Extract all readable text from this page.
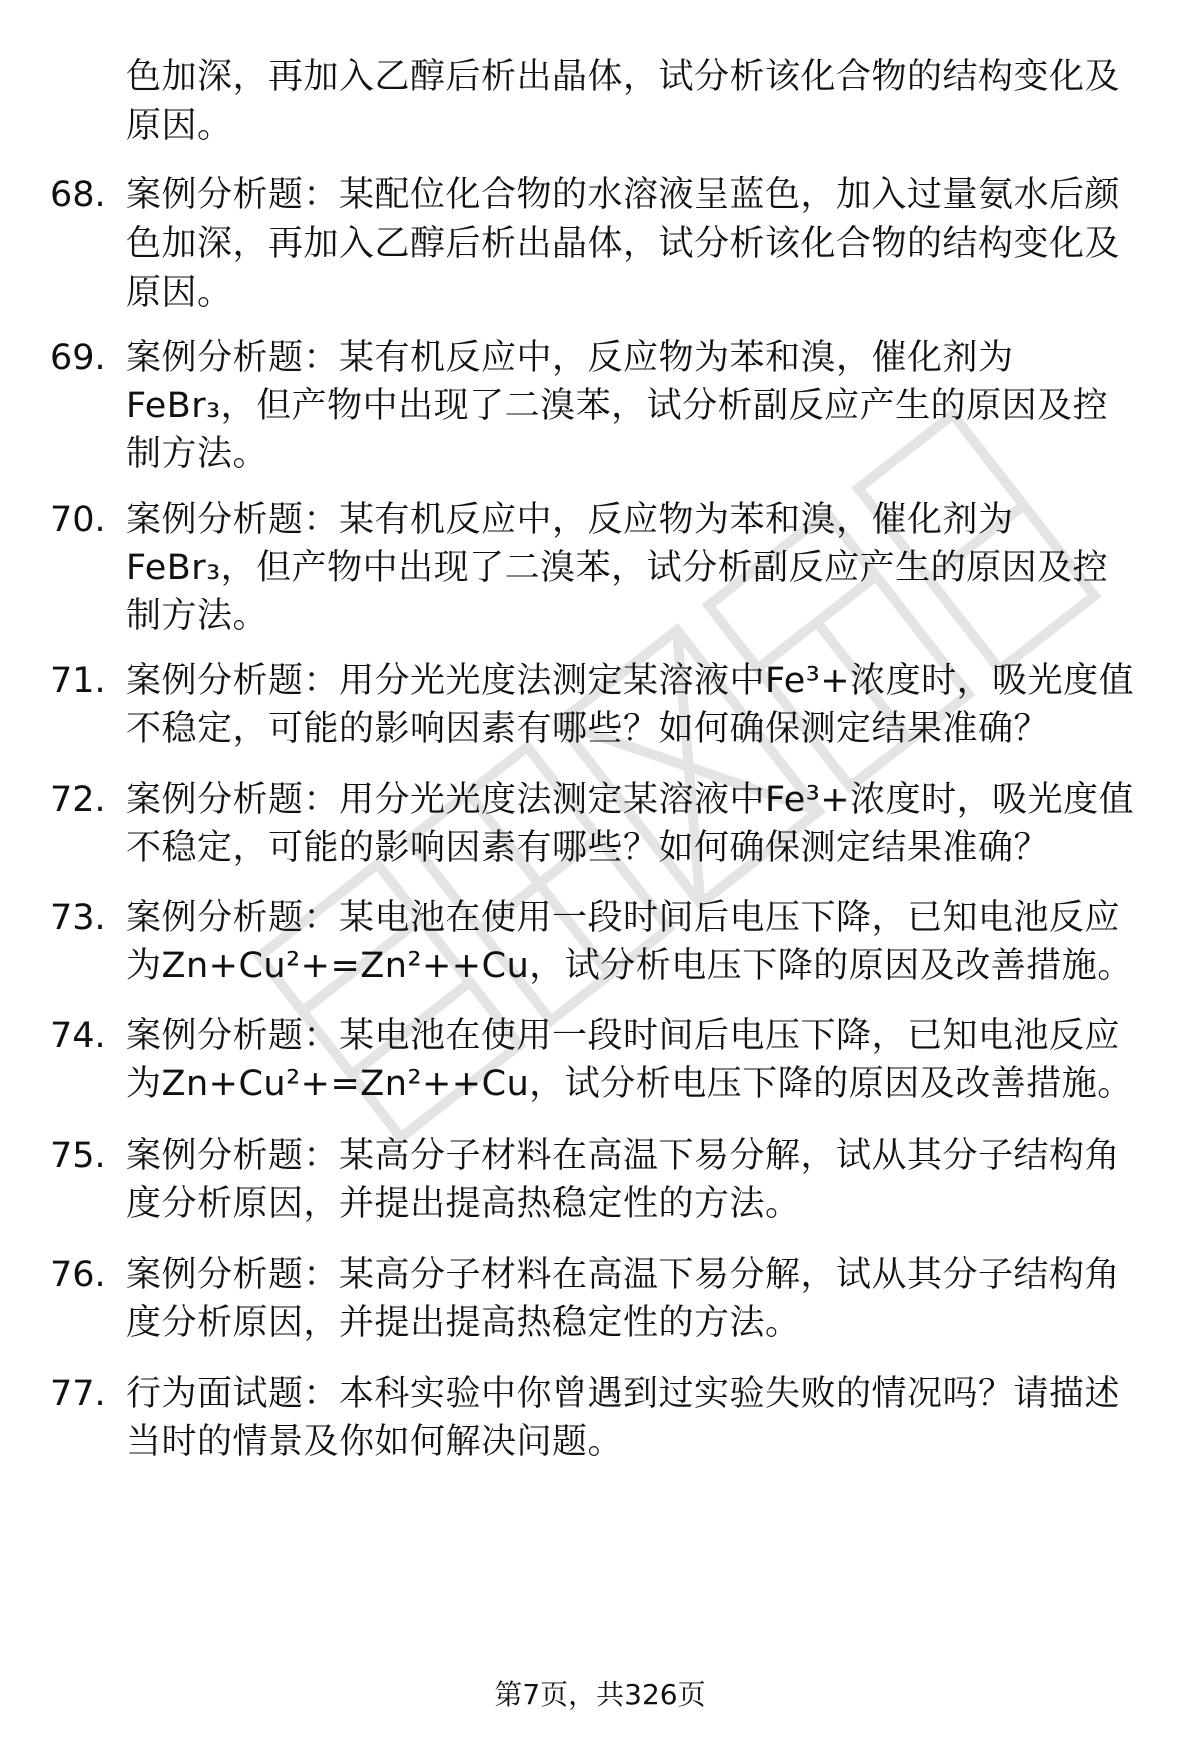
色加深，再加入乙醇后析出晶体，试分析该化合物的结构变化及
原因。
68. 案例分析题：某配位化合物的水溶液呈蓝色，加入过量氨水后颜
色加深，再加入乙醇后析出晶体，试分析该化合物的结构变化及
原因。
69. 案例分析题：某有机反应中，反应物为苯和溴，催化剂为
FeBr₃，但产物中出现了二溴苯，试分析副反应产生的原因及控
制方法。
70. 案例分析题：某有机反应中，反应物为苯和溴，催化剂为
FeBr₃，但产物中出现了二溴苯，试分析副反应产生的原因及控
制方法。
71. 案例分析题：用分光光度法测定某溶液中Fe³+浓度时，吸光度值
不稳定，可能的影响因素有哪些？如何确保测定结果准确？
72. 案例分析题：用分光光度法测定某溶液中Fe³+浓度时，吸光度值
不稳定，可能的影响因素有哪些？如何确保测定结果准确？
73. 案例分析题：某电池在使用一段时间后电压下降，已知电池反应
为Zn+Cu²+=Zn²++Cu，试分析电压下降的原因及改善措施。
74. 案例分析题：某电池在使用一段时间后电压下降，已知电池反应
为Zn+Cu²+=Zn²++Cu，试分析电压下降的原因及改善措施。
75. 案例分析题：某高分子材料在高温下易分解，试从其分子结构角
度分析原因，并提出提高热稳定性的方法。
76. 案例分析题：某高分子材料在高温下易分解，试从其分子结构角
度分析原因，并提出提高热稳定性的方法。
77. 行为面试题：本科实验中你曾遇到过实验失败的情况吗？请描述
当时的情景及你如何解决问题。
第7页，共326页
